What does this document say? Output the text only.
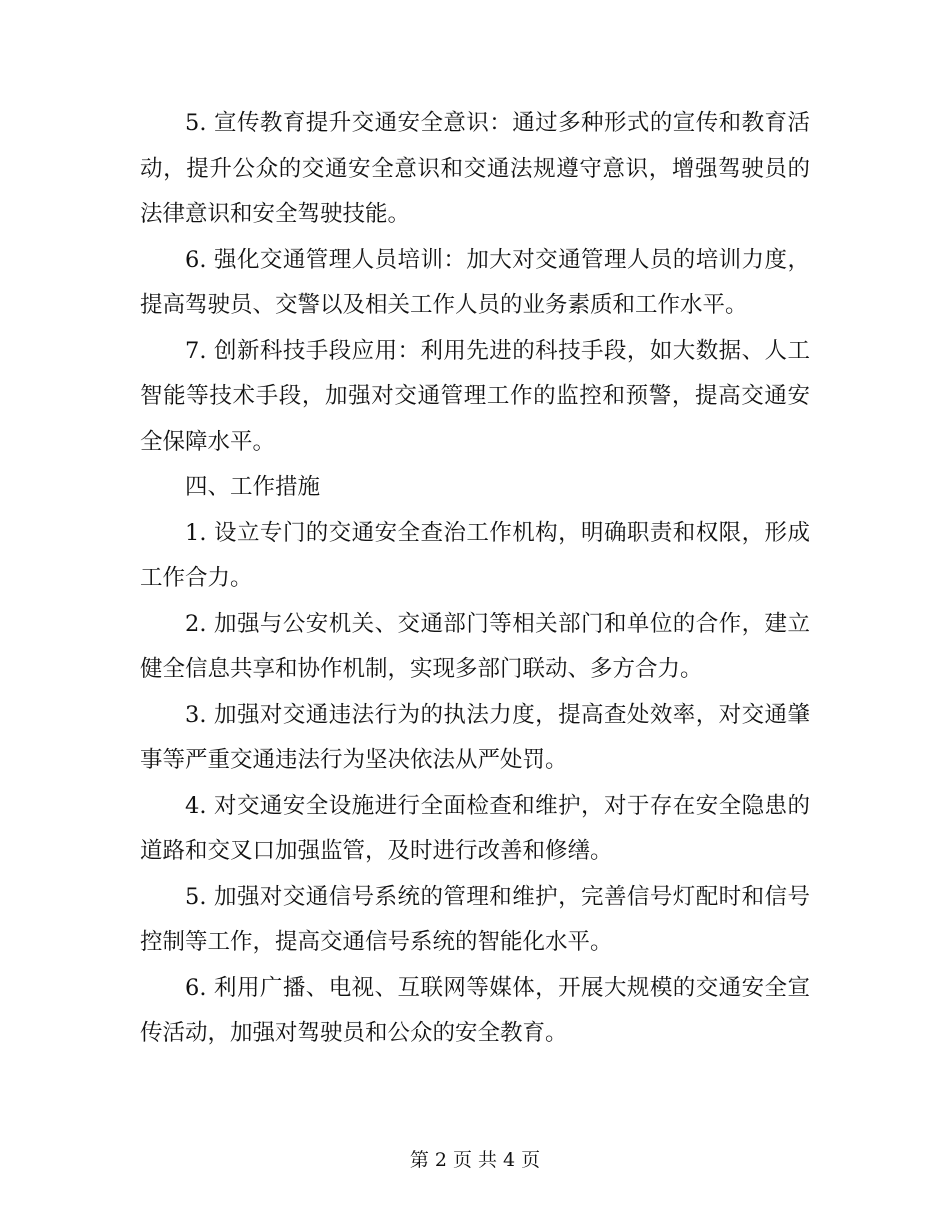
5. 宣传教育提升交通安全意识：通过多种形式的宣传和教育活动，提升公众的交通安全意识和交通法规遵守意识，增强驾驶员的法律意识和安全驾驶技能。

6. 强化交通管理人员培训：加大对交通管理人员的培训力度，提高驾驶员、交警以及相关工作人员的业务素质和工作水平。

7. 创新科技手段应用：利用先进的科技手段，如大数据、人工智能等技术手段，加强对交通管理工作的监控和预警，提高交通安全保障水平。

四、工作措施

1. 设立专门的交通安全查治工作机构，明确职责和权限，形成工作合力。

2. 加强与公安机关、交通部门等相关部门和单位的合作，建立健全信息共享和协作机制，实现多部门联动、多方合力。

3. 加强对交通违法行为的执法力度，提高查处效率，对交通肇事等严重交通违法行为坚决依法从严处罚。

4. 对交通安全设施进行全面检查和维护，对于存在安全隐患的道路和交叉口加强监管，及时进行改善和修缮。

5. 加强对交通信号系统的管理和维护，完善信号灯配时和信号控制等工作，提高交通信号系统的智能化水平。

6. 利用广播、电视、互联网等媒体，开展大规模的交通安全宣传活动，加强对驾驶员和公众的安全教育。

第 2 页 共 4 页
